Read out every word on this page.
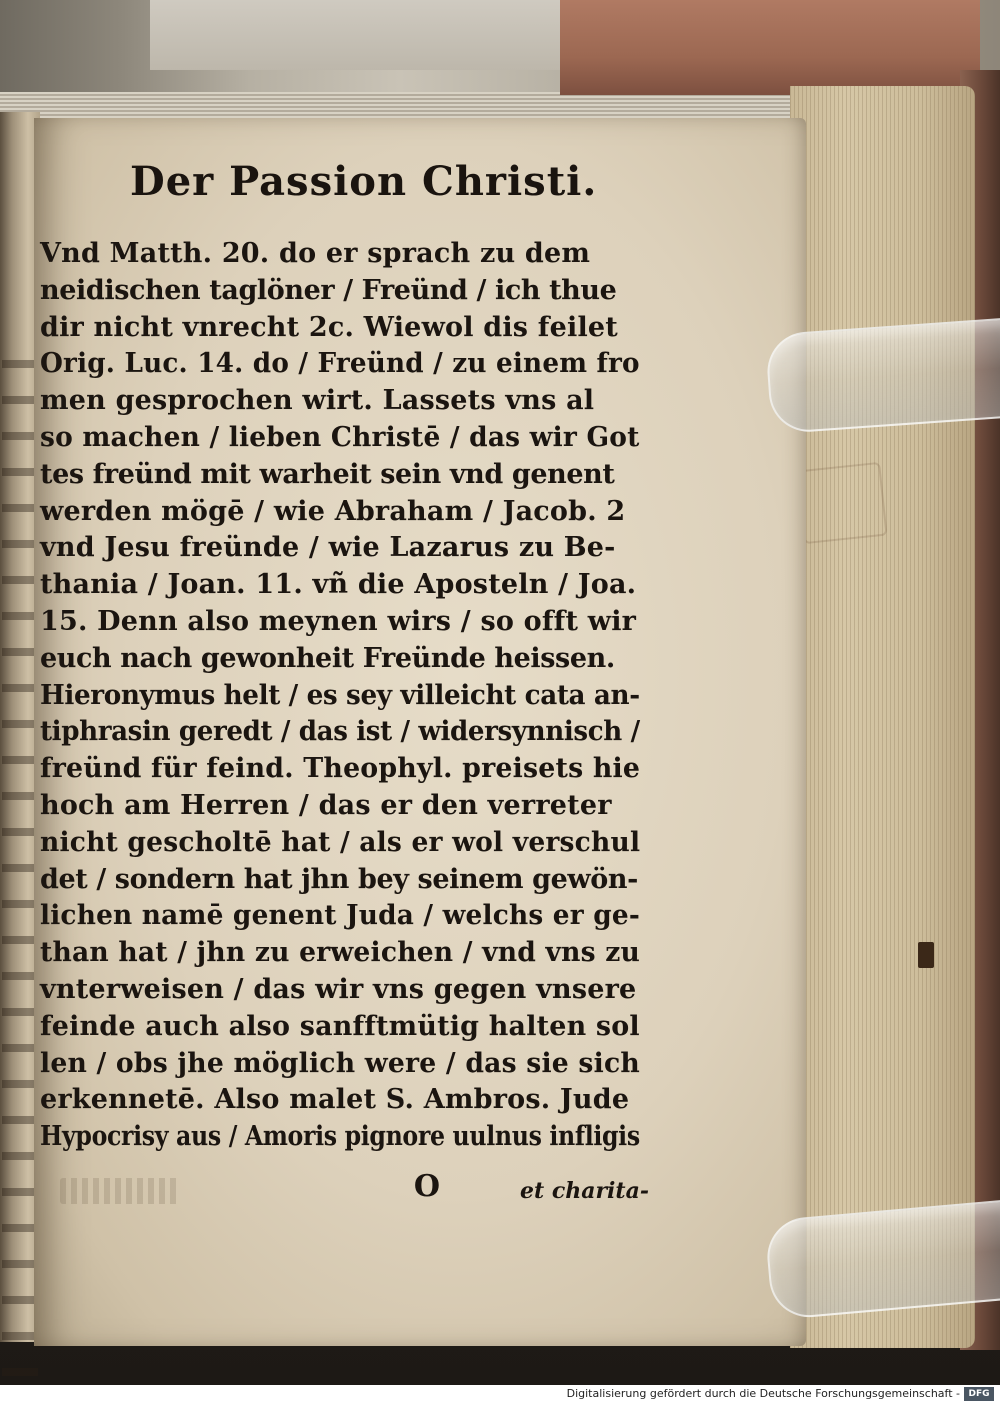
Der Passion Christi.
Vnd Matth. 20. do er sprach zu dem
neidischen taglöner / Freünd / ich thue
dir nicht vnrecht 2c. Wiewol dis feilet
Orig. Luc. 14. do / Freünd / zu einem fro
men gesprochen wirt. Lassets vns al
so machen / lieben Christē / das wir Got
tes freünd mit warheit sein vnd genent
werden mögē / wie Abraham / Jacob. 2
vnd Jesu freünde / wie Lazarus zu Be-
thania / Joan. 11. vñ die Aposteln / Joa.
15. Denn also meynen wirs / so offt wir
euch nach gewonheit Freünde heissen.
Hieronymus helt / es sey villeicht cata an-
tiphrasin geredt / das ist / widersynnisch /
freünd für feind. Theophyl. preisets hie
hoch am Herren / das er den verreter
nicht gescholtē hat / als er wol verschul
det / sondern hat jhn bey seinem gewön-
lichen namē genent Juda / welchs er ge-
than hat / jhn zu erweichen / vnd vns zu
vnterweisen / das wir vns gegen vnsere
feinde auch also sanfftmütig halten sol
len / obs jhe möglich were / das sie sich
erkennetē. Also malet S. Ambros. Jude
Hypocrisy aus / Amoris pignore uulnus infligis
O	et charita-
Digitalisierung gefördert durch die Deutsche Forschungsgemeinschaft - DFG
